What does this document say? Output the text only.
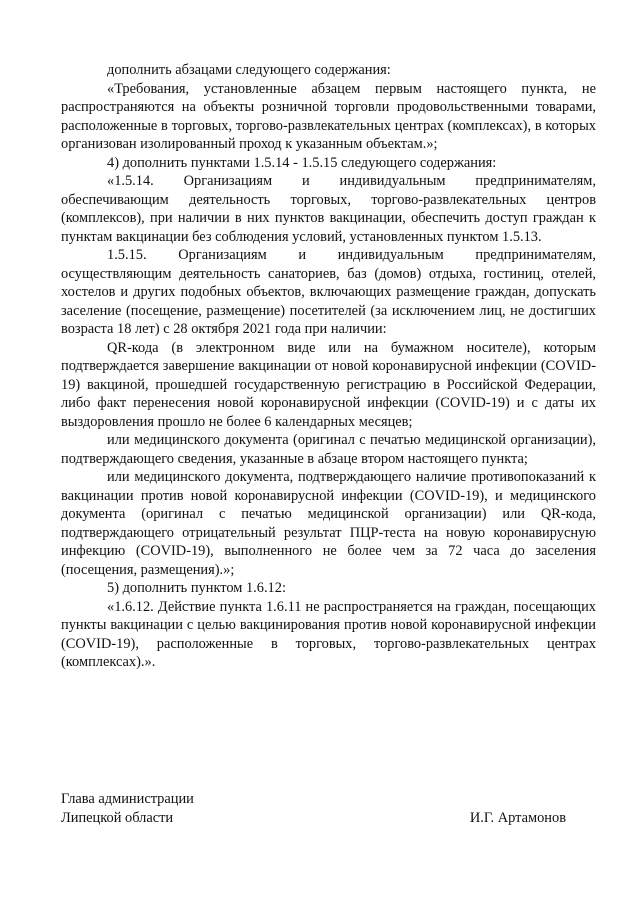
дополнить абзацами следующего содержания:

«Требования, установленные абзацем первым настоящего пункта, не распространяются на объекты розничной торговли продовольственными товарами, расположенные в торговых, торгово-развлекательных центрах (комплексах), в которых организован изолированный проход к указанным объектам.»;

4) дополнить пунктами 1.5.14 - 1.5.15 следующего содержания:

«1.5.14. Организациям и индивидуальным предпринимателям, обеспечивающим деятельность торговых, торгово-развлекательных центров (комплексов), при наличии в них пунктов вакцинации, обеспечить доступ граждан к пунктам вакцинации без соблюдения условий, установленных пунктом 1.5.13.

1.5.15. Организациям и индивидуальным предпринимателям, осуществляющим деятельность санаториев, баз (домов) отдыха, гостиниц, отелей, хостелов и других подобных объектов, включающих размещение граждан, допускать заселение (посещение, размещение) посетителей (за исключением лиц, не достигших возраста 18 лет) с 28 октября 2021 года при наличии:

QR-кода (в электронном виде или на бумажном носителе), которым подтверждается завершение вакцинации от новой коронавирусной инфекции (COVID-19) вакциной, прошедшей государственную регистрацию в Российской Федерации, либо факт перенесения новой коронавирусной инфекции (COVID-19) и с даты их выздоровления прошло не более 6 календарных месяцев;

или медицинского документа (оригинал с печатью медицинской организации), подтверждающего сведения, указанные в абзаце втором настоящего пункта;

или медицинского документа, подтверждающего наличие противопоказаний к вакцинации против новой коронавирусной инфекции (COVID-19), и медицинского документа (оригинал с печатью медицинской организации) или QR-кода, подтверждающего отрицательный результат ПЦР-теста на новую коронавирусную инфекцию (COVID-19), выполненного не более чем за 72 часа до заселения (посещения, размещения).»;

5) дополнить пунктом 1.6.12:

«1.6.12. Действие пункта 1.6.11 не распространяется на граждан, посещающих пункты вакцинации с целью вакцинирования против новой коронавирусной инфекции (COVID-19), расположенные в торговых, торгово-развлекательных центрах (комплексах).».

Глава администрации
Липецкой области	И.Г. Артамонов
